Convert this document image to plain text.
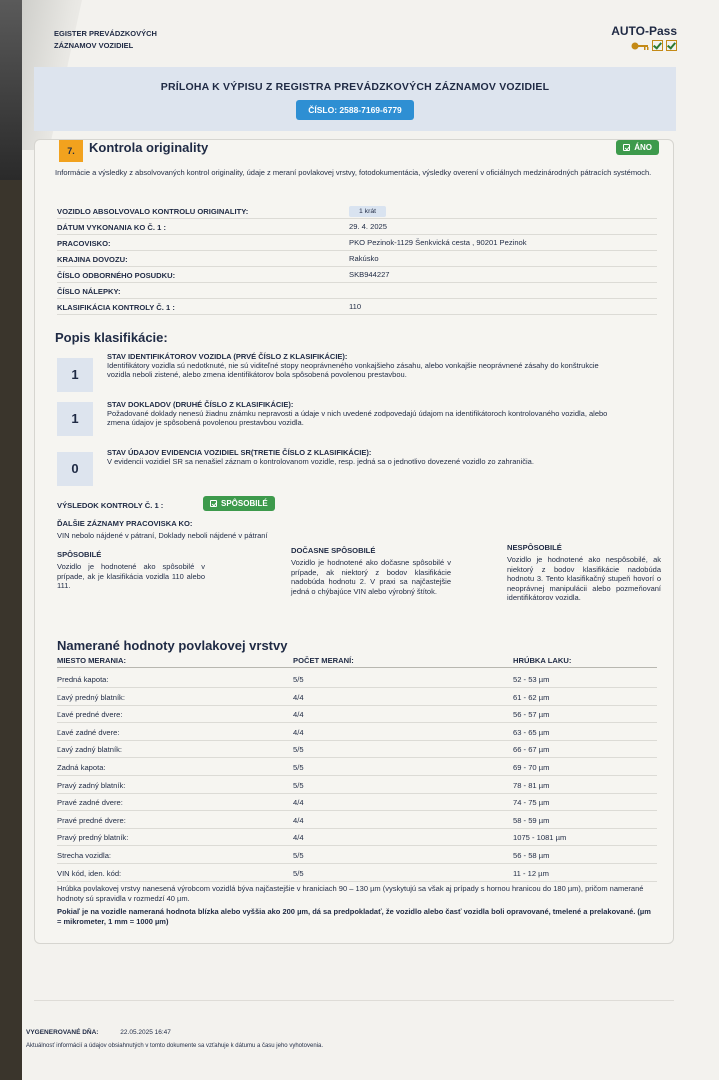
EGISTER PREVÁDZKOVÝCH
ZÁZNAMOV VOZIDIEL
AUTO-Pass
PRÍLOHA K VÝPISU Z REGISTRA PREVÁDZKOVÝCH ZÁZNAMOV VOZIDIEL
ČÍSLO: 2588-7169-6779
7.	Kontrola originality	ÁNO
Informácie a výsledky z absolvovaných kontrol originality, údaje z meraní povlakovej vrstvy, fotodokumentácia, výsledky overení v oficiálnych medzinárodných pátracích systémoch.
VOZIDLO ABSOLVOVALO KONTROLU ORIGINALITY:	1 krát
DÁTUM VYKONANIA KO Č. 1 :	29. 4. 2025
PRACOVISKO:	PKO Pezinok-1129 Šenkvická cesta , 90201 Pezinok
KRAJINA DOVOZU:	Rakúsko
ČÍSLO ODBORNÉHO POSUDKU:	SKB944227
ČÍSLO NÁLEPKY:
KLASIFIKÁCIA KONTROLY Č. 1 :	110
Popis klasifikácie:
1
STAV IDENTIFIKÁTOROV VOZIDLA (PRVÉ ČÍSLO Z KLASIFIKÁCIE):
Identifikátory vozidla sú nedotknuté, nie sú viditeľné stopy neoprávneného vonkajšieho zásahu, alebo vonkajšie neoprávnené zásahy do konštrukcie vozidla neboli zistené, alebo zmena identifikátorov bola spôsobená povolenou prestavbou.
1
STAV DOKLADOV (DRUHÉ ČÍSLO Z KLASIFIKÁCIE):
Požadované doklady nenesú žiadnu známku nepravosti a údaje v nich uvedené zodpovedajú údajom na identifikátoroch kontrolovaného vozidla, alebo zmena údajov je spôsobená povolenou prestavbou vozidla.
0
STAV ÚDAJOV EVIDENCIA VOZIDIEL SR(TRETIE ČÍSLO Z KLASIFIKÁCIE):
V evidencii vozidiel SR sa nenašiel záznam o kontrolovanom vozidle, resp. jedná sa o jednotlivo dovezené vozidlo zo zahraničia.
VÝSLEDOK KONTROLY Č. 1 :	SPÔSOBILÉ
ĎALŠIE ZÁZNAMY PRACOVISKA KO:
VIN nebolo nájdené v pátraní, Doklady neboli nájdené v pátraní
SPÔSOBILÉ
Vozidlo je hodnotené ako spôsobilé v prípade, ak je klasifikácia vozidla 110 alebo 111.
DOČASNE SPÔSOBILÉ
Vozidlo je hodnotené ako dočasne spôsobilé v prípade, ak niektorý z bodov klasifikácie nadobúda hodnotu 2. V praxi sa najčastejšie jedná o chýbajúce VIN alebo výrobný štítok.
NESPÔSOBILÉ
Vozidlo je hodnotené ako nespôsobilé, ak niektorý z bodov klasifikácie nadobúda hodnotu 3. Tento klasifikačný stupeň hovorí o neoprávnej manipulácii alebo pozmeňovaní identifikátorov vozidla.
Namerané hodnoty povlakovej vrstvy
MIESTO MERANIA:	POČET MERANÍ:	HRÚBKA LAKU:
Predná kapota:	5/5	52 - 53 µm
Ľavý predný blatník:	4/4	61 - 62 µm
Ľavé predné dvere:	4/4	56 - 57 µm
Ľavé zadné dvere:	4/4	63 - 65 µm
Ľavý zadný blatník:	5/5	66 - 67 µm
Zadná kapota:	5/5	69 - 70 µm
Pravý zadný blatník:	5/5	78 - 81 µm
Pravé zadné dvere:	4/4	74 - 75 µm
Pravé predné dvere:	4/4	58 - 59 µm
Pravý predný blatník:	4/4	1075 - 1081 µm
Strecha vozidla:	5/5	56 - 58 µm
VIN kód, iden. kód:	5/5	11 - 12 µm
Hrúbka povlakovej vrstvy nanesená výrobcom vozidlá býva najčastejšie v hraniciach 90 – 130 µm (vyskytujú sa však aj prípady s hornou hranicou do 180 µm), pričom namerané hodnoty sú spravidla v rozmedzí 40 µm.
Pokiaľ je na vozidle nameraná hodnota blízka alebo vyššia ako 200 µm, dá sa predpokladať, že vozidlo alebo časť vozidla boli opravované, tmelené a prelakované. (µm = mikrometer, 1 mm = 1000 µm)
VYGENEROVANÉ DŇA:	22.05.2025 16:47
Aktuálnosť informácií a údajov obsiahnutých v tomto dokumente sa vzťahuje k dátumu a času jeho vyhotovenia.
